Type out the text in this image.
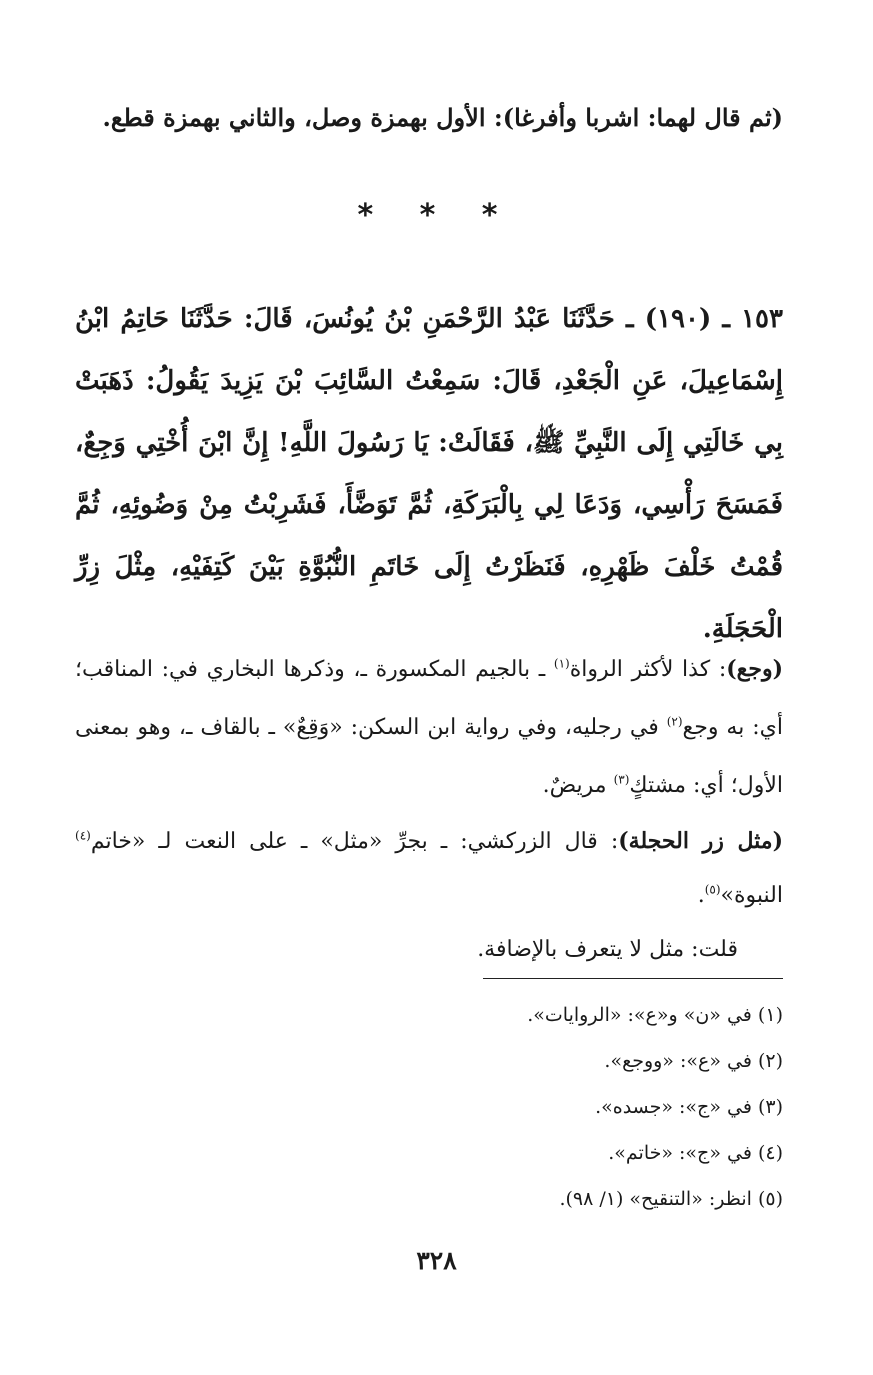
(ثم قال لهما: اشربا وأفرغا): الأول بهمزة وصل، والثاني بهمزة قطع.

* * *

١٥٣ ـ (١٩٠) ـ حَدَّثَنَا عَبْدُ الرَّحْمَنِ بْنُ يُونُسَ، قَالَ: حَدَّثَنَا حَاتِمُ ابْنُ إِسْمَاعِيلَ، عَنِ الْجَعْدِ، قَالَ: سَمِعْتُ السَّائِبَ بْنَ يَزِيدَ يَقُولُ: ذَهَبَتْ بِي خَالَتِي إِلَى النَّبِيِّ ﷺ، فَقَالَتْ: يَا رَسُولَ اللَّهِ! إِنَّ ابْنَ أُخْتِي وَجِعٌ، فَمَسَحَ رَأْسِي، وَدَعَا لِي بِالْبَرَكَةِ، ثُمَّ تَوَضَّأَ، فَشَرِبْتُ مِنْ وَضُوئِهِ، ثُمَّ قُمْتُ خَلْفَ ظَهْرِهِ، فَنَظَرْتُ إِلَى خَاتَمِ النُّبُوَّةِ بَيْنَ كَتِفَيْهِ، مِثْلَ زِرِّ الْحَجَلَةِ.

(وجع): كذا لأكثر الرواة$^{(١)}$ ـ بالجيم المكسورة ـ، وذكرها البخاري في: المناقب؛ أي: به وجع$^{(٢)}$ في رجليه، وفي رواية ابن السكن: «وَقِعٌ» ـ بالقاف ـ، وهو بمعنى الأول؛ أي: مشتكٍ$^{(٣)}$ مريضٌ.

(مثل زر الحجلة): قال الزركشي: ـ بجرِّ «مثل» ـ على النعت لـ «خاتم$^{(٤)}$ النبوة»$^{(٥)}$.

قلت: مثل لا يتعرف بالإضافة.

(١) في «ن» و«ع»: «الروايات».
(٢) في «ع»: «ووجع».
(٣) في «ج»: «جسده».
(٤) في «ج»: «خاتم».
(٥) انظر: «التنقيح» (١/ ٩٨).
٣٢٨
